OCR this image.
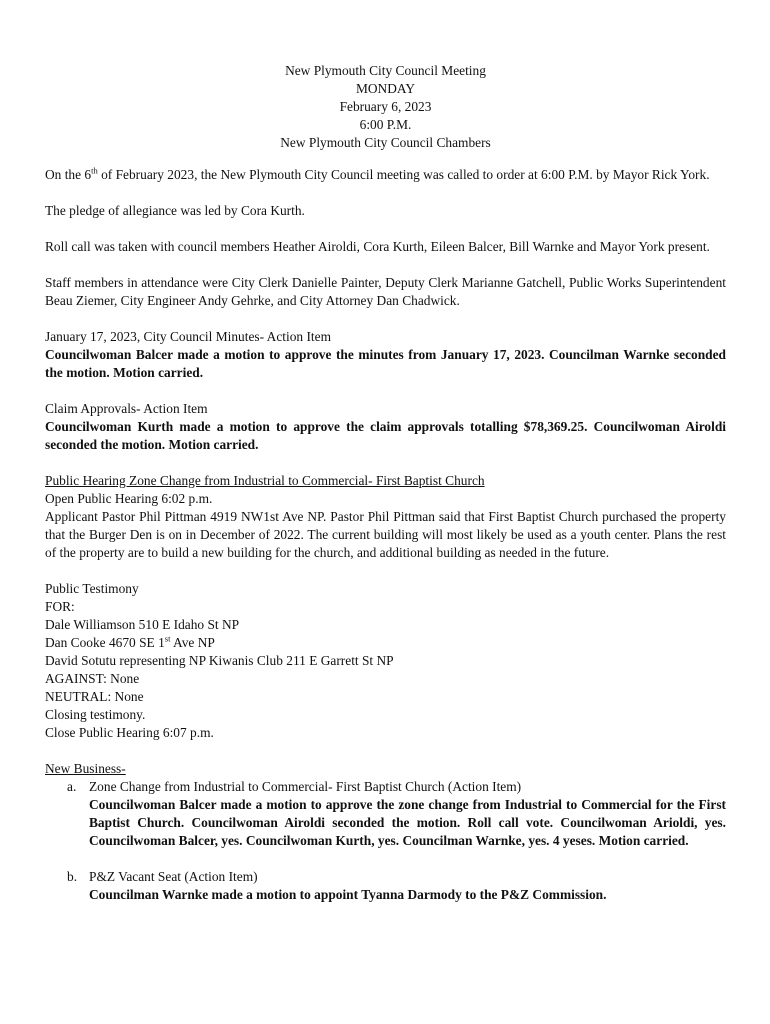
New Plymouth City Council Meeting
MONDAY
February 6, 2023
6:00 P.M.
New Plymouth City Council Chambers

On the 6th of February 2023, the New Plymouth City Council meeting was called to order at 6:00 P.M. by Mayor Rick York.

The pledge of allegiance was led by Cora Kurth.

Roll call was taken with council members Heather Airoldi, Cora Kurth, Eileen Balcer, Bill Warnke and Mayor York present.

Staff members in attendance were City Clerk Danielle Painter, Deputy Clerk Marianne Gatchell, Public Works Superintendent Beau Ziemer, City Engineer Andy Gehrke, and City Attorney Dan Chadwick.

January 17, 2023, City Council Minutes- Action Item
Councilwoman Balcer made a motion to approve the minutes from January 17, 2023. Councilman Warnke seconded the motion. Motion carried.
Claim Approvals- Action Item
Councilwoman Kurth made a motion to approve the claim approvals totalling $78,369.25. Councilwoman Airoldi seconded the motion. Motion carried.
Public Hearing Zone Change from Industrial to Commercial- First Baptist Church
Open Public Hearing 6:02 p.m.
Applicant Pastor Phil Pittman 4919 NW1st Ave NP. Pastor Phil Pittman said that First Baptist Church purchased the property that the Burger Den is on in December of 2022. The current building will most likely be used as a youth center. Plans the rest of the property are to build a new building for the church, and additional building as needed in the future.
Public Testimony
FOR:
Dale Williamson 510 E Idaho St NP
Dan Cooke 4670 SE 1st Ave NP
David Sotutu representing NP Kiwanis Club 211 E Garrett St NP
AGAINST: None
NEUTRAL: None
Closing testimony.
Close Public Hearing 6:07 p.m.
New Business-
a. Zone Change from Industrial to Commercial- First Baptist Church (Action Item)
Councilwoman Balcer made a motion to approve the zone change from Industrial to Commercial for the First Baptist Church. Councilwoman Airoldi seconded the motion. Roll call vote. Councilwoman Arioldi, yes. Councilwoman Balcer, yes. Councilwoman Kurth, yes. Councilman Warnke, yes. 4 yeses. Motion carried.
b. P&Z Vacant Seat (Action Item)
Councilman Warnke made a motion to appoint Tyanna Darmody to the P&Z Commission.
